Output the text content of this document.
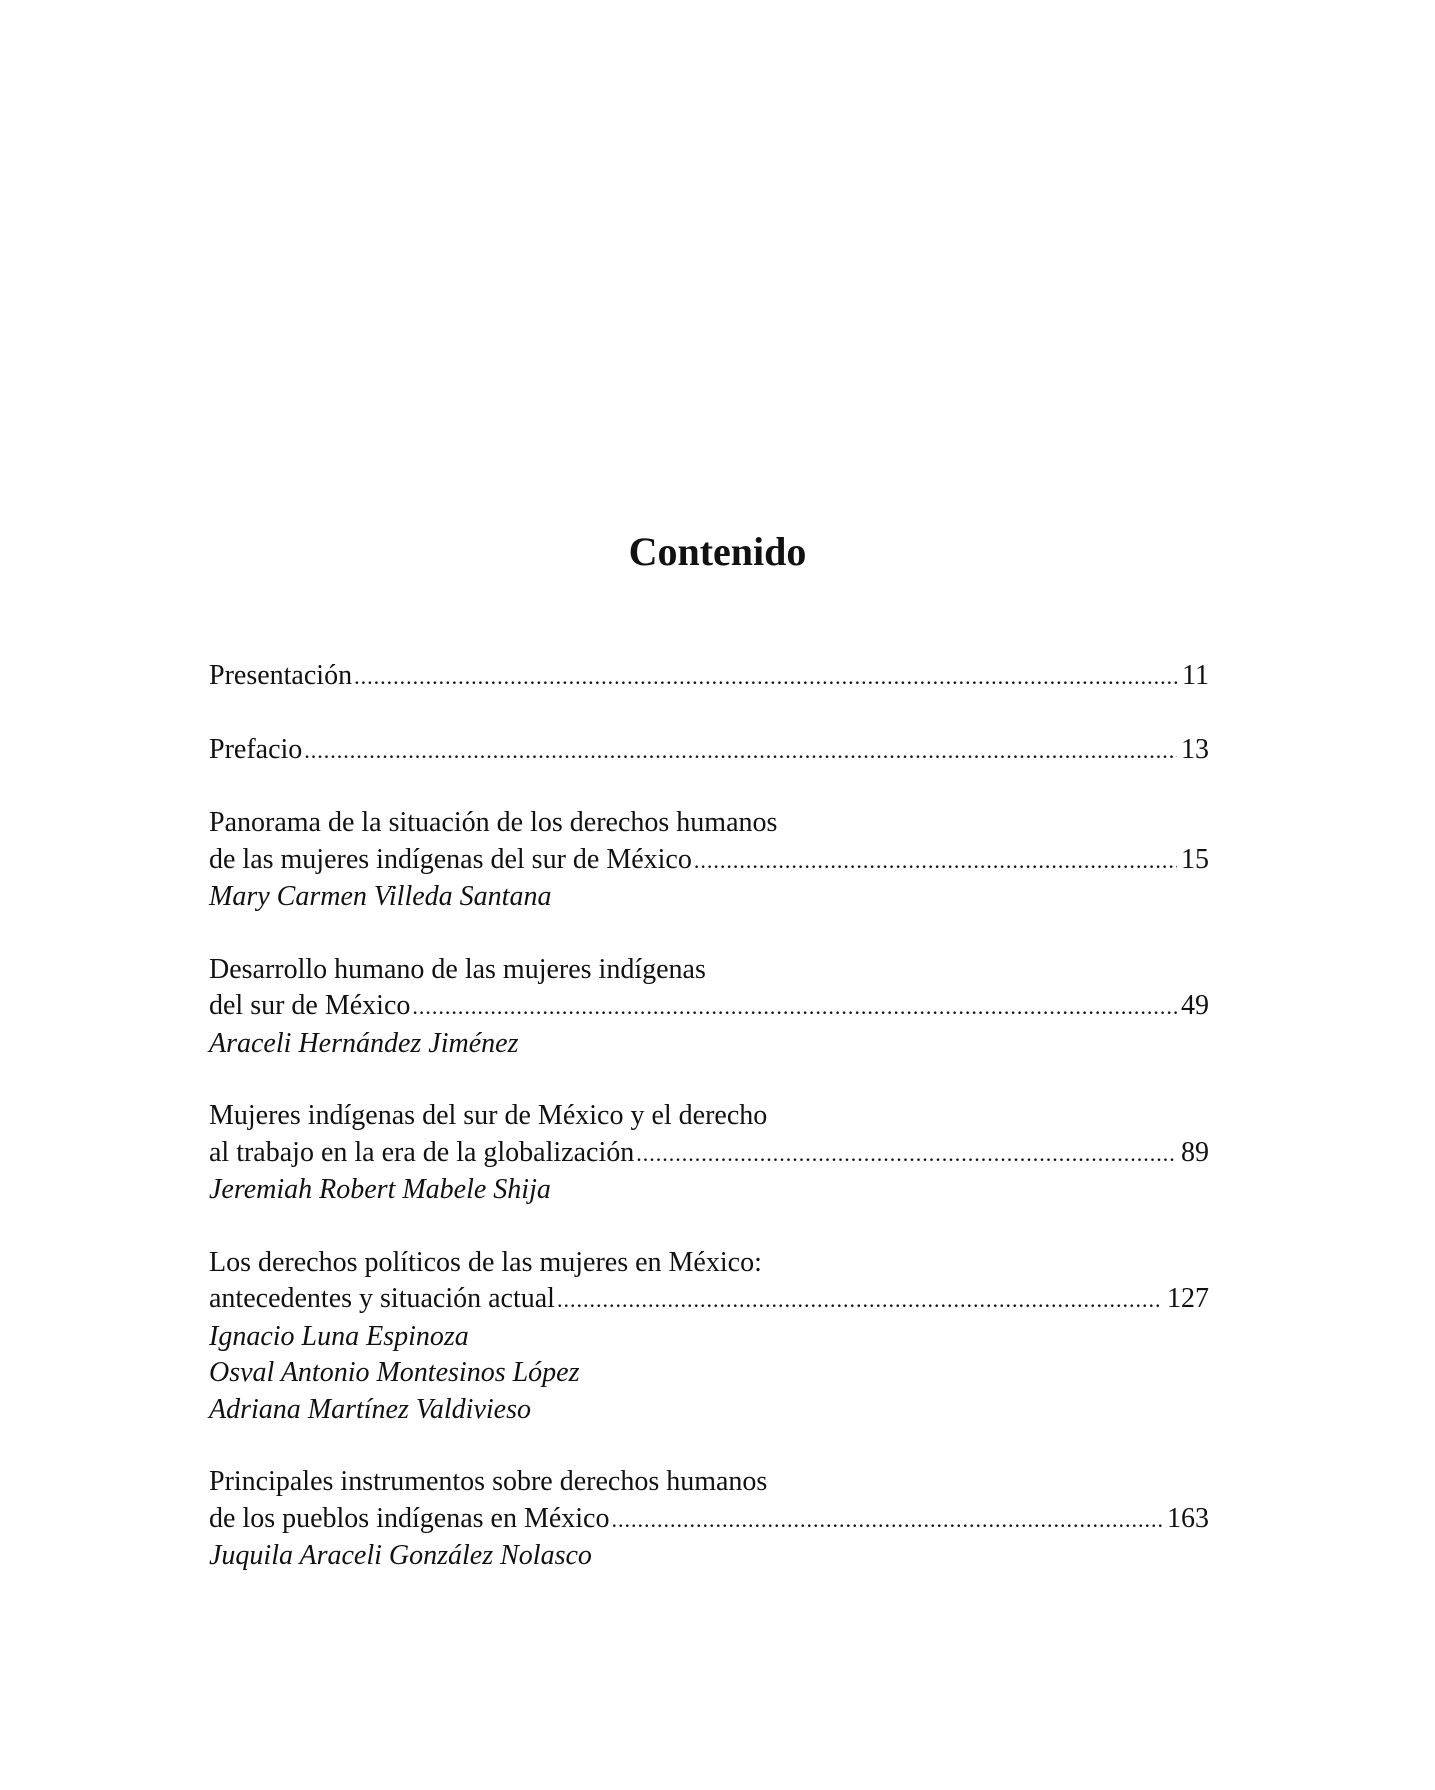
Contenido
Presentación .....	11
Prefacio .....	13
Panorama de la situación de los derechos humanos
de las mujeres indígenas del sur de México .....	15
Mary Carmen Villeda Santana
Desarrollo humano de las mujeres indígenas
del sur de México .....	49
Araceli Hernández Jiménez
Mujeres indígenas del sur de México y el derecho
al trabajo en la era de la globalización .....	89
Jeremiah Robert Mabele Shija
Los derechos políticos de las mujeres en México:
antecedentes y situación actual .....	127
Ignacio Luna Espinoza
Osval Antonio Montesinos López
Adriana Martínez Valdivieso
Principales instrumentos sobre derechos humanos
de los pueblos indígenas en México .....	163
Juquila Araceli González Nolasco
